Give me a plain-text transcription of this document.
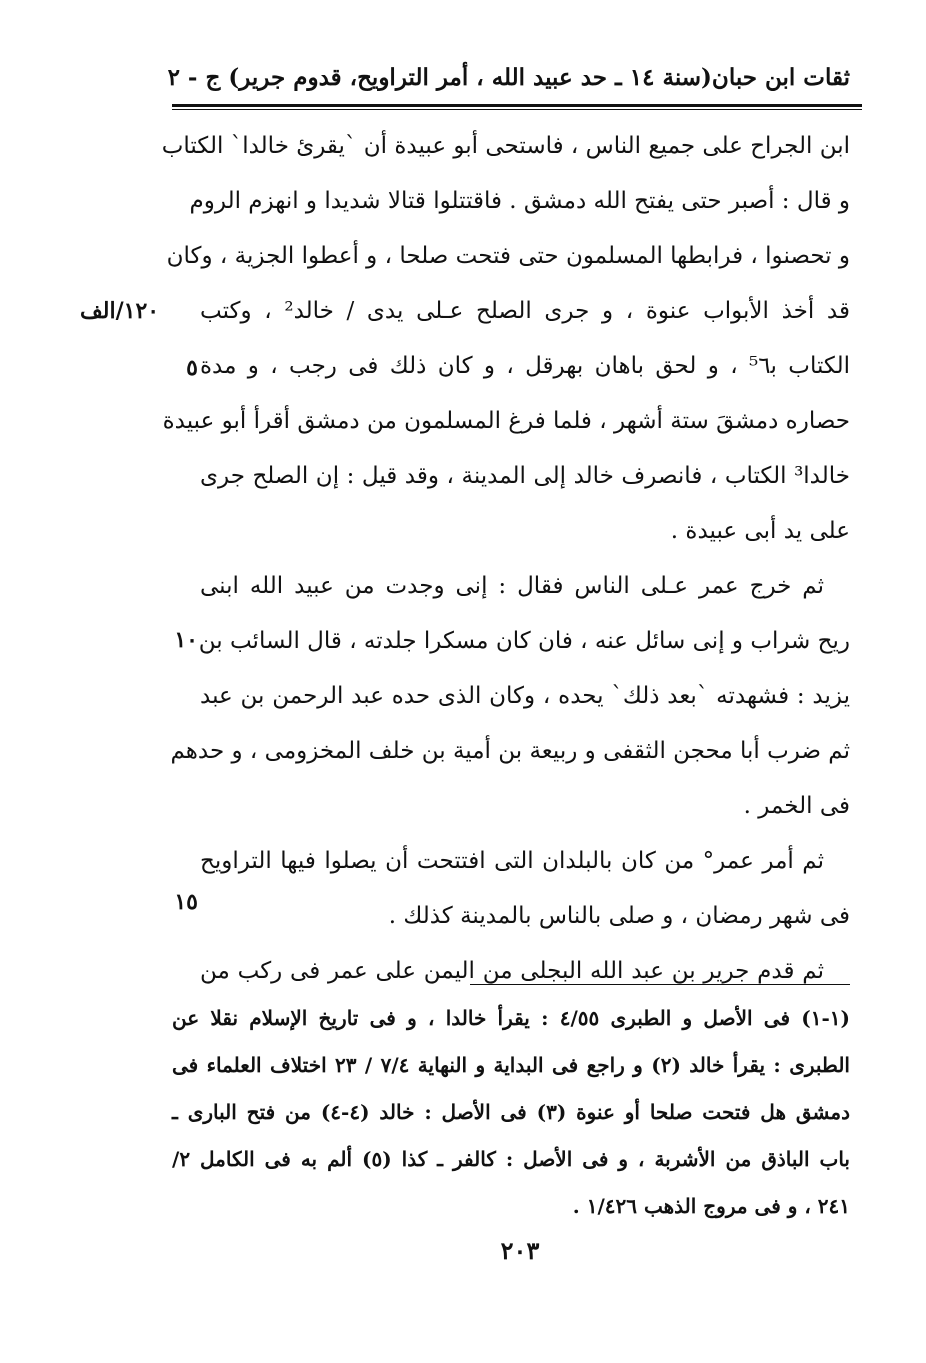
ثقات ابن حبان(سنة ١٤ ـ حد عبيد الله ، أمر التراويح، قدوم جرير) ج - ٢
ابن الجراح على جميع الناس ، فاستحى أبو عبيدة أن `يقرئ خالدا` الكتاب
و قال : أصبر حتى يفتح الله دمشق . فاقتتلوا قتالا شديدا و انهزم الروم
و تحصنوا ، فرابطها المسلمون حتى فتحت صلحا ، و أعطوا الجزية ، وكان
قد أخذ الأبواب عنوة ، و جرى الصلح عـلى يدى / خالد² ، وكتب
الكتاب ﺑ⁵٦ ، و لحق باهان بهرقل ، و كان ذلك فى رجب ، و مدة
حصاره دمشقَ ستة أشهر ، فلما فرغ المسلمون من دمشق أقرأ أبو عبيدة
خالدا³ الكتاب ، فانصرف خالد إلى المدينة ، وقد قيل : إن الصلح جرى
على يد أبى عبيدة .
ثم خرج عمر عـلى الناس فقال : إنى وجدت من عبيد الله ابنى
ريح شراب و إنى سائل عنه ، فان كان مسكرا جلدته ، قال السائب بن
يزيد : فشهدته `بعد ذلك` يحده ، وكان الذى حده عبد الرحمن بن عبد
ثم ضرب أبا محجن الثقفى و ربيعة بن أمية بن خلف المخزومى ، و حدهم
فى الخمر .
ثم أمر عمر° من كان بالبلدان التى افتتحت أن يصلوا فيها التراويح
فى شهر رمضان ، و صلى بالناس بالمدينة كذلك .
ثم قدم جرير بن عبد الله البجلى من اليمن على عمر فى ركب من
١٢٠/الف
٥
١٠
١٥
(١-١) فى الأصل و الطبرى ٤/٥٥ : يقرأ خالدا ، و فى تاريخ الإسلام نقلا عن
الطبرى : يقرأ خالد (٢) و راجع فى البداية و النهاية ٧/٤ / ٢٣ اختلاف العلماء فى
دمشق هل فتحت صلحا أو عنوة (٣) فى الأصل : خالد (٤-٤) من فتح البارى ـ
باب الباذق من الأشربة ، و فى الأصل : كالفر ـ كذا (٥) ألم به فى الكامل ٢/
٢٤١ ، و فى مروج الذهب ١/٤٢٦ .
٢٠٣
